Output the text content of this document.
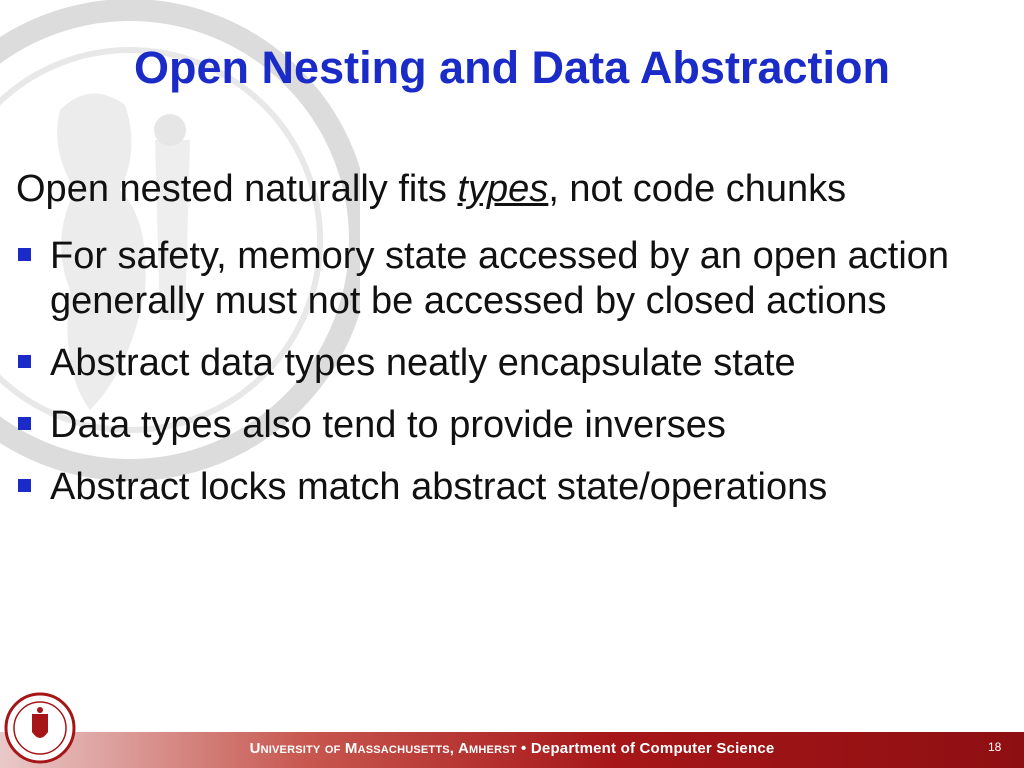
Open Nesting and Data Abstraction
Open nested naturally fits types, not code chunks
For safety, memory state accessed by an open action generally must not be accessed by closed actions
Abstract data types neatly encapsulate state
Data types also tend to provide inverses
Abstract locks match abstract state/operations
University of Massachusetts, Amherst • Department of Computer Science	18
